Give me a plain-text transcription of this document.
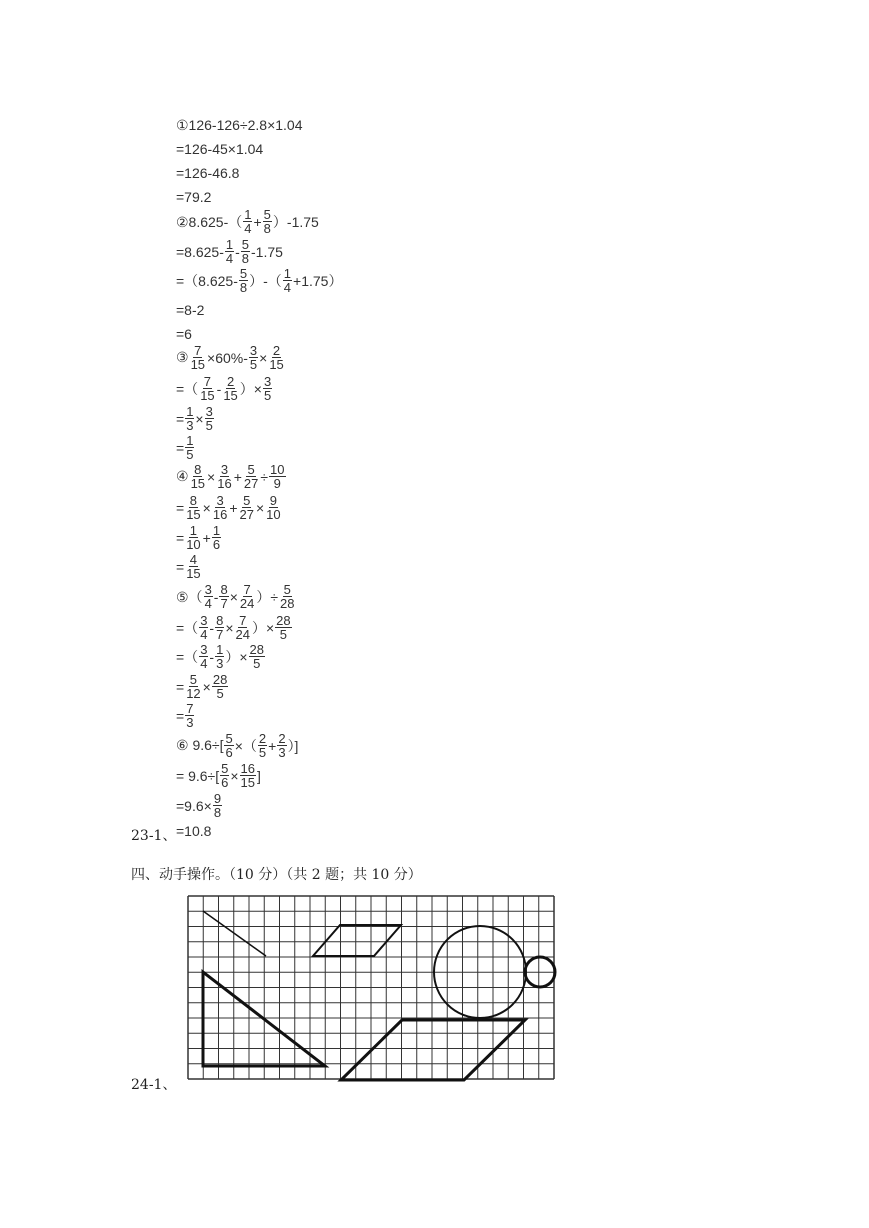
①126-126÷2.8×1.04
=126-45×1.04
=126-46.8
=79.2
②8.625-（ $\frac{1}{4} + \frac{5}{8} )-1.75$
$=8.625- \frac{1}{4} - \frac{5}{8} -1.75$
$=(8.625- \frac{5}{8}$ ）-（ $\frac{1}{4} +1.75$）
=8-2
=6
③ $\frac{7}{15} \times 60\%- \frac{3}{5} \times \frac{2}{15}$
=（ $\frac{7}{15} - \frac{2}{15}$ ）× $\frac{3}{5}$
= $\frac{1}{3} \times \frac{3}{5}$
= $\frac{1}{5}$
④ $\frac{8}{15} \times \frac{3}{16} + \frac{5}{27} \div \frac{10}{9}$
= $\frac{8}{15} \times \frac{3}{16} + \frac{5}{27} \times \frac{9}{10}$
= $\frac{1}{10} + \frac{1}{6}$
= $\frac{4}{15}$
⑤（ $\frac{3}{4} - \frac{8}{7} \times \frac{7}{24}$ ）÷ $\frac{5}{28}$
=（ $\frac{3}{4} - \frac{8}{7} \times \frac{7}{24}$ ）× $\frac{28}{5}$
=（ $\frac{3}{4} - \frac{1}{3}$ ）× $\frac{28}{5}$
= $\frac{5}{12} \times \frac{28}{5}$
= $\frac{7}{3}$
⑥ $9.6\div[ \frac{5}{6}$ ×（ $\frac{2}{5} + \frac{2}{3}$ ）]
= $9.6\div[ \frac{5}{6} \times \frac{16}{15}$ ]
$=9.6\times \frac{9}{8}$
=10.8
23-1、
四、动手操作。（10 分）（共 2 题；共 10 分）
24-1、
